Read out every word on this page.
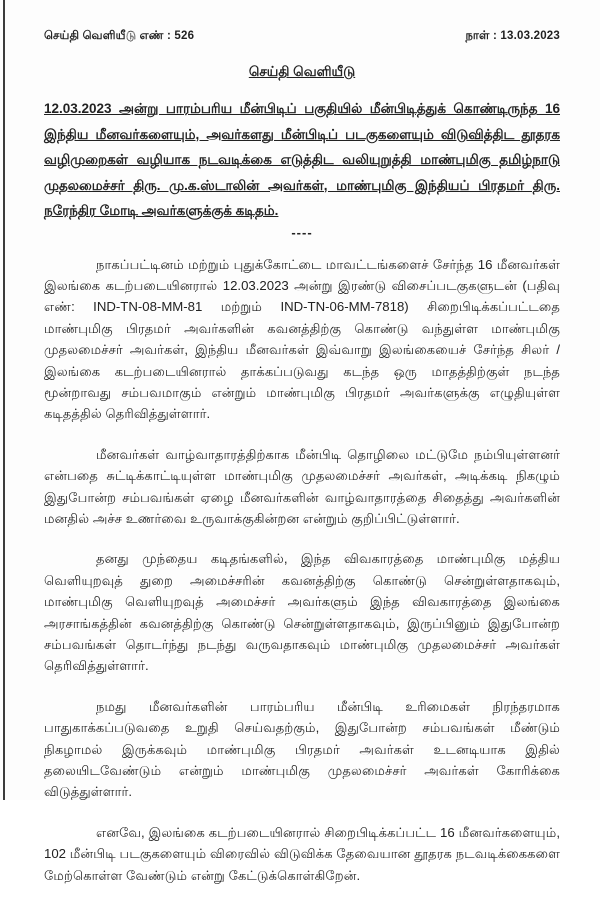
செய்தி வெளியீடு எண் : 526	நாள் : 13.03.2023
செய்தி வெளியீடு
12.03.2023 அன்று பாரம்பரிய மீன்பிடிப் பகுதியில் மீன்பிடித்துக் கொண்டிருந்த 16 இந்திய மீனவர்களையும், அவர்களது மீன்பிடிப் படகுகளையும் விடுவித்திட தூதரக வழிமுறைகள் வழியாக நடவடிக்கை எடுத்திட வலியுறுத்தி மாண்புமிகு தமிழ்நாடு முதலமைச்சர் திரு. மு.க.ஸ்டாலின் அவர்கள், மாண்புமிகு இந்தியப் பிரதமர் திரு. நரேந்திர மோடி அவர்களுக்குக் கடிதம்.
----

நாகப்பட்டினம் மற்றும் புதுக்கோட்டை மாவட்டங்களைச் சேர்ந்த 16 மீனவர்கள் இலங்கை கடற்படையினரால் 12.03.2023 அன்று இரண்டு விசைப்படகுகளுடன் (பதிவு எண்: IND-TN-08-MM-81 மற்றும் IND-TN-06-MM-7818) சிறைபிடிக்கப்பட்டதை மாண்புமிகு பிரதமர் அவர்களின் கவனத்திற்கு கொண்டு வந்துள்ள மாண்புமிகு முதலமைச்சர் அவர்கள், இந்திய மீனவர்கள் இவ்வாறு இலங்கையைச் சேர்ந்த சிலர் / இலங்கை கடற்படையினரால் தாக்கப்படுவது கடந்த ஒரு மாதத்திற்குள் நடந்த மூன்றாவது சம்பவமாகும் என்றும் மாண்புமிகு பிரதமர் அவர்களுக்கு எழுதியுள்ள கடிதத்தில் தெரிவித்துள்ளார்.

மீனவர்கள் வாழ்வாதாரத்திற்காக மீன்பிடி தொழிலை மட்டுமே நம்பியுள்ளனர் என்பதை சுட்டிக்காட்டியுள்ள மாண்புமிகு முதலமைச்சர் அவர்கள், அடிக்கடி நிகழும் இதுபோன்ற சம்பவங்கள் ஏழை மீனவர்களின் வாழ்வாதாரத்தை சிதைத்து அவர்களின் மனதில் அச்ச உணர்வை உருவாக்குகின்றன என்றும் குறிப்பிட்டுள்ளார்.

தனது முந்தைய கடிதங்களில், இந்த விவகாரத்தை மாண்புமிகு மத்திய வெளியுறவுத் துறை அமைச்சரின் கவனத்திற்கு கொண்டு சென்றுள்ளதாகவும், மாண்புமிகு வெளியுறவுத் அமைச்சர் அவர்களும் இந்த விவகாரத்தை இலங்கை அரசாங்கத்தின் கவனத்திற்கு கொண்டு சென்றுள்ளதாகவும், இருப்பினும் இதுபோன்ற சம்பவங்கள் தொடர்ந்து நடந்து வருவதாகவும் மாண்புமிகு முதலமைச்சர் அவர்கள் தெரிவித்துள்ளார்.

நமது மீனவர்களின் பாரம்பரிய மீன்பிடி உரிமைகள் நிரந்தரமாக பாதுகாக்கப்படுவதை உறுதி செய்வதற்கும், இதுபோன்ற சம்பவங்கள் மீண்டும் நிகழாமல் இருக்கவும் மாண்புமிகு பிரதமர் அவர்கள் உடனடியாக இதில் தலையிடவேண்டும் என்றும் மாண்புமிகு முதலமைச்சர் அவர்கள் கோரிக்கை விடுத்துள்ளார்.

எனவே, இலங்கை கடற்படையினரால் சிறைபிடிக்கப்பட்ட 16 மீனவர்களையும், 102 மீன்பிடி படகுகளையும் விரைவில் விடுவிக்க தேவையான தூதரக நடவடிக்கைகளை மேற்கொள்ள வேண்டும் என்று கேட்டுக்கொள்கிறேன்.
